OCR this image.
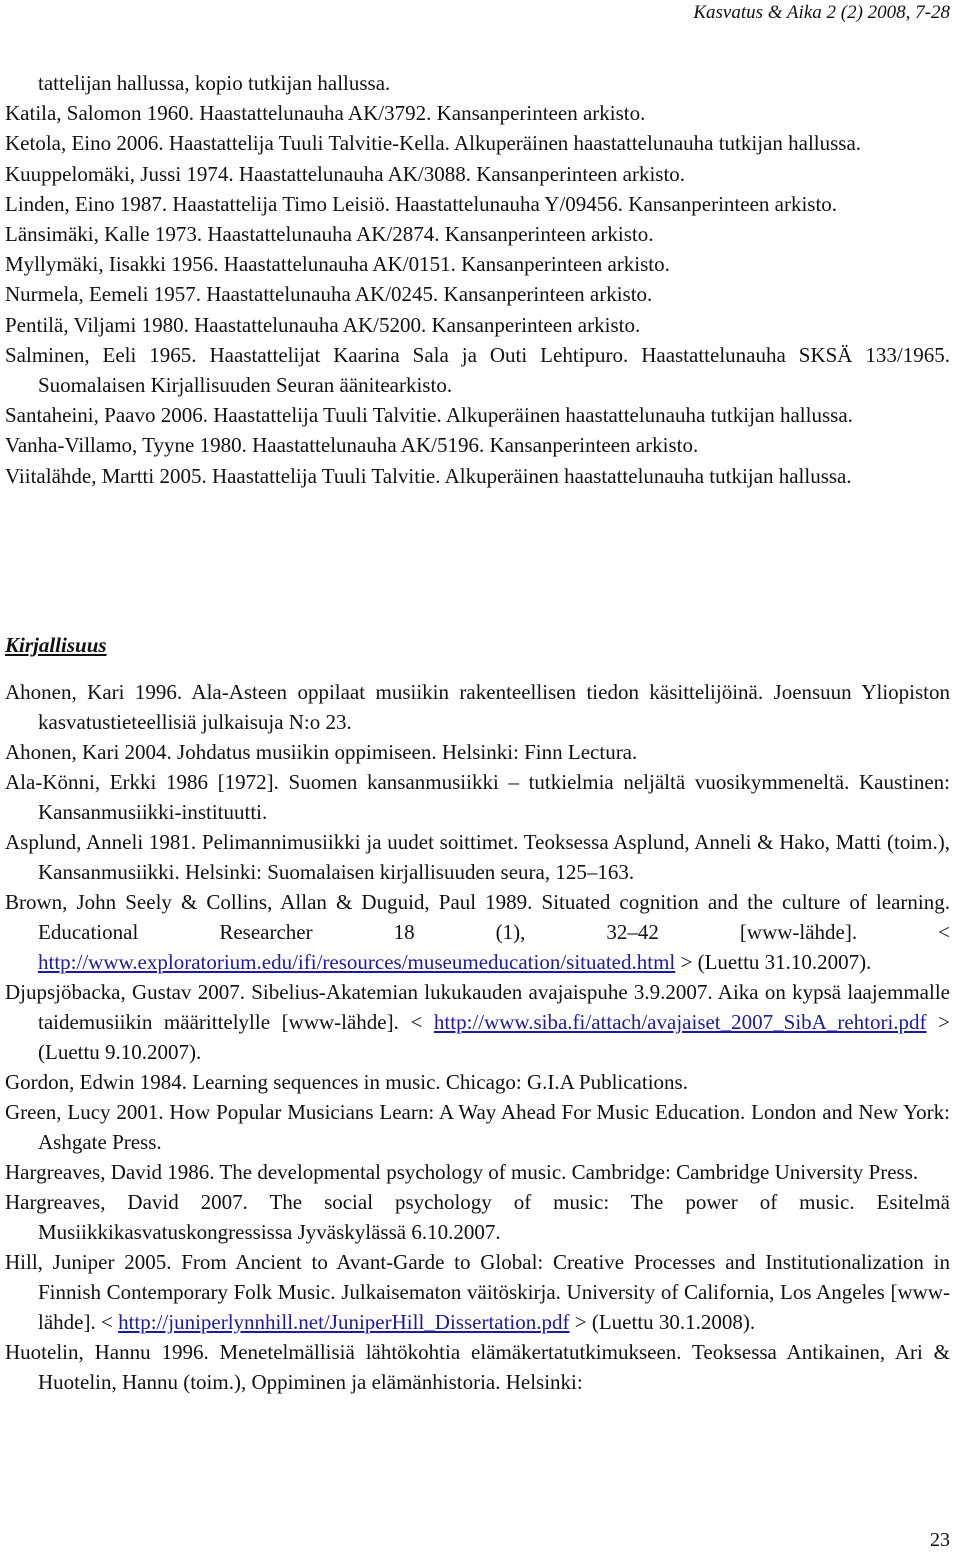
Kasvatus & Aika 2 (2) 2008, 7-28
tattelijan hallussa, kopio tutkijan hallussa.
Katila, Salomon 1960. Haastattelunauha AK/3792. Kansanperinteen arkisto.
Ketola, Eino 2006. Haastattelija Tuuli Talvitie-Kella. Alkuperäinen haastattelunauha tutkijan hallussa.
Kuuppelomäki, Jussi 1974. Haastattelunauha AK/3088. Kansanperinteen arkisto.
Linden, Eino 1987. Haastattelija Timo Leisiö. Haastattelunauha Y/09456. Kansanperinteen arkisto.
Länsimäki, Kalle 1973. Haastattelunauha AK/2874. Kansanperinteen arkisto.
Myllymäki, Iisakki 1956. Haastattelunauha AK/0151. Kansanperinteen arkisto.
Nurmela, Eemeli 1957. Haastattelunauha AK/0245. Kansanperinteen arkisto.
Pentilä, Viljami 1980. Haastattelunauha AK/5200. Kansanperinteen arkisto.
Salminen, Eeli 1965. Haastattelijat Kaarina Sala ja Outi Lehtipuro. Haastattelunauha SKSÄ 133/1965. Suomalaisen Kirjallisuuden Seuran äänitearkisto.
Santaheini, Paavo 2006. Haastattelija Tuuli Talvitie. Alkuperäinen haastattelunauha tutkijan hallussa.
Vanha-Villamo, Tyyne 1980. Haastattelunauha AK/5196. Kansanperinteen arkisto.
Viitalähde, Martti 2005. Haastattelija Tuuli Talvitie. Alkuperäinen haastattelunauha tutkijan hallussa.
Kirjallisuus
Ahonen, Kari 1996. Ala-Asteen oppilaat musiikin rakenteellisen tiedon käsittelijöinä. Joensuun Yliopiston kasvatustieteellisiä julkaisuja N:o 23.
Ahonen, Kari 2004. Johdatus musiikin oppimiseen. Helsinki: Finn Lectura.
Ala-Könni, Erkki 1986 [1972]. Suomen kansanmusiikki – tutkielmia neljältä vuosikymmeneltä. Kaustinen: Kansanmusiikki-instituutti.
Asplund, Anneli 1981. Pelimannimusiikki ja uudet soittimet. Teoksessa Asplund, Anneli & Hako, Matti (toim.), Kansanmusiikki. Helsinki: Suomalaisen kirjallisuuden seura, 125–163.
Brown, John Seely & Collins, Allan & Duguid, Paul 1989. Situated cognition and the culture of learning. Educational Researcher 18 (1), 32–42 [www-lähde]. < http://www.exploratorium.edu/ifi/resources/museumeducation/situated.html > (Luettu 31.10.2007).
Djupsjöbacka, Gustav 2007. Sibelius-Akatemian lukukauden avajaispuhe 3.9.2007. Aika on kypsä laajemmalle taidemusiikin määrittelylle [www-lähde]. < http://www.siba.fi/attach/avajaiset_2007_SibA_rehtori.pdf > (Luettu 9.10.2007).
Gordon, Edwin 1984. Learning sequences in music. Chicago: G.I.A Publications.
Green, Lucy 2001. How Popular Musicians Learn: A Way Ahead For Music Education. London and New York: Ashgate Press.
Hargreaves, David 1986. The developmental psychology of music. Cambridge: Cambridge University Press.
Hargreaves, David 2007. The social psychology of music: The power of music. Esitelmä Musiikkikasvatuskongressissa Jyväskylässä 6.10.2007.
Hill, Juniper 2005. From Ancient to Avant-Garde to Global: Creative Processes and Institutionalization in Finnish Contemporary Folk Music. Julkaisematon väitöskirja. University of California, Los Angeles [www-lähde]. < http://juniperlynnhill.net/JuniperHill_Dissertation.pdf > (Luettu 30.1.2008).
Huotelin, Hannu 1996. Menetelmällisiä lähtökohtia elämäkertatutkimukseen. Teoksessa Antikainen, Ari & Huotelin, Hannu (toim.), Oppiminen ja elämänhistoria. Helsinki:
23
